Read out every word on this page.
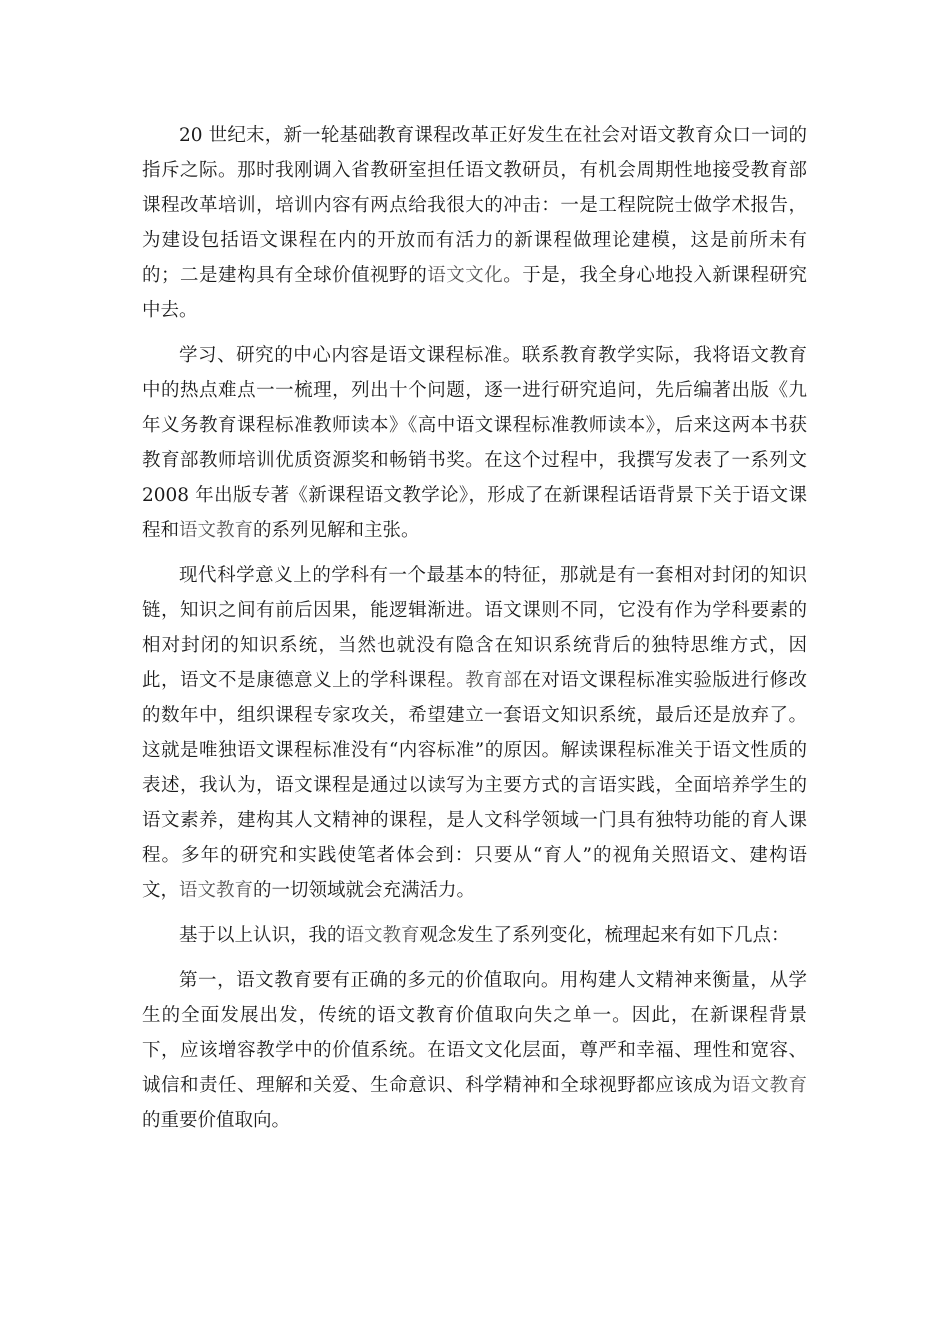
20 世纪末，新一轮基础教育课程改革正好发生在社会对语文教育众口一词的指斥之际。那时我刚调入省教研室担任语文教研员，有机会周期性地接受教育部课程改革培训，培训内容有两点给我很大的冲击：一是工程院院士做学术报告，为建设包括语文课程在内的开放而有活力的新课程做理论建模，这是前所未有的；二是建构具有全球价值视野的语文文化。于是，我全身心地投入新课程研究中去。

学习、研究的中心内容是语文课程标准。联系教育教学实际，我将语文教育中的热点难点一一梳理，列出十个问题，逐一进行研究追问，先后编著出版《九年义务教育课程标准教师读本》《高中语文课程标准教师读本》，后来这两本书获教育部教师培训优质资源奖和畅销书奖。在这个过程中，我撰写发表了一系列文 2008 年出版专著《新课程语文教学论》，形成了在新课程话语背景下关于语文课程和语文教育的系列见解和主张。

现代科学意义上的学科有一个最基本的特征，那就是有一套相对封闭的知识链，知识之间有前后因果，能逻辑渐进。语文课则不同，它没有作为学科要素的相对封闭的知识系统，当然也就没有隐含在知识系统背后的独特思维方式，因此，语文不是康德意义上的学科课程。教育部在对语文课程标准实验版进行修改的数年中，组织课程专家攻关，希望建立一套语文知识系统，最后还是放弃了。这就是唯独语文课程标准没有“内容标准”的原因。解读课程标准关于语文性质的表述，我认为，语文课程是通过以读写为主要方式的言语实践，全面培养学生的语文素养，建构其人文精神的课程，是人文科学领域一门具有独特功能的育人课程。多年的研究和实践使笔者体会到：只要从“育人”的视角关照语文、建构语文，语文教育的一切领域就会充满活力。

基于以上认识，我的语文教育观念发生了系列变化，梳理起来有如下几点：

第一，语文教育要有正确的多元的价值取向。用构建人文精神来衡量，从学生的全面发展出发，传统的语文教育价值取向失之单一。因此，在新课程背景下，应该增容教学中的价值系统。在语文文化层面，尊严和幸福、理性和宽容、诚信和责任、理解和关爱、生命意识、科学精神和全球视野都应该成为语文教育的重要价值取向。
